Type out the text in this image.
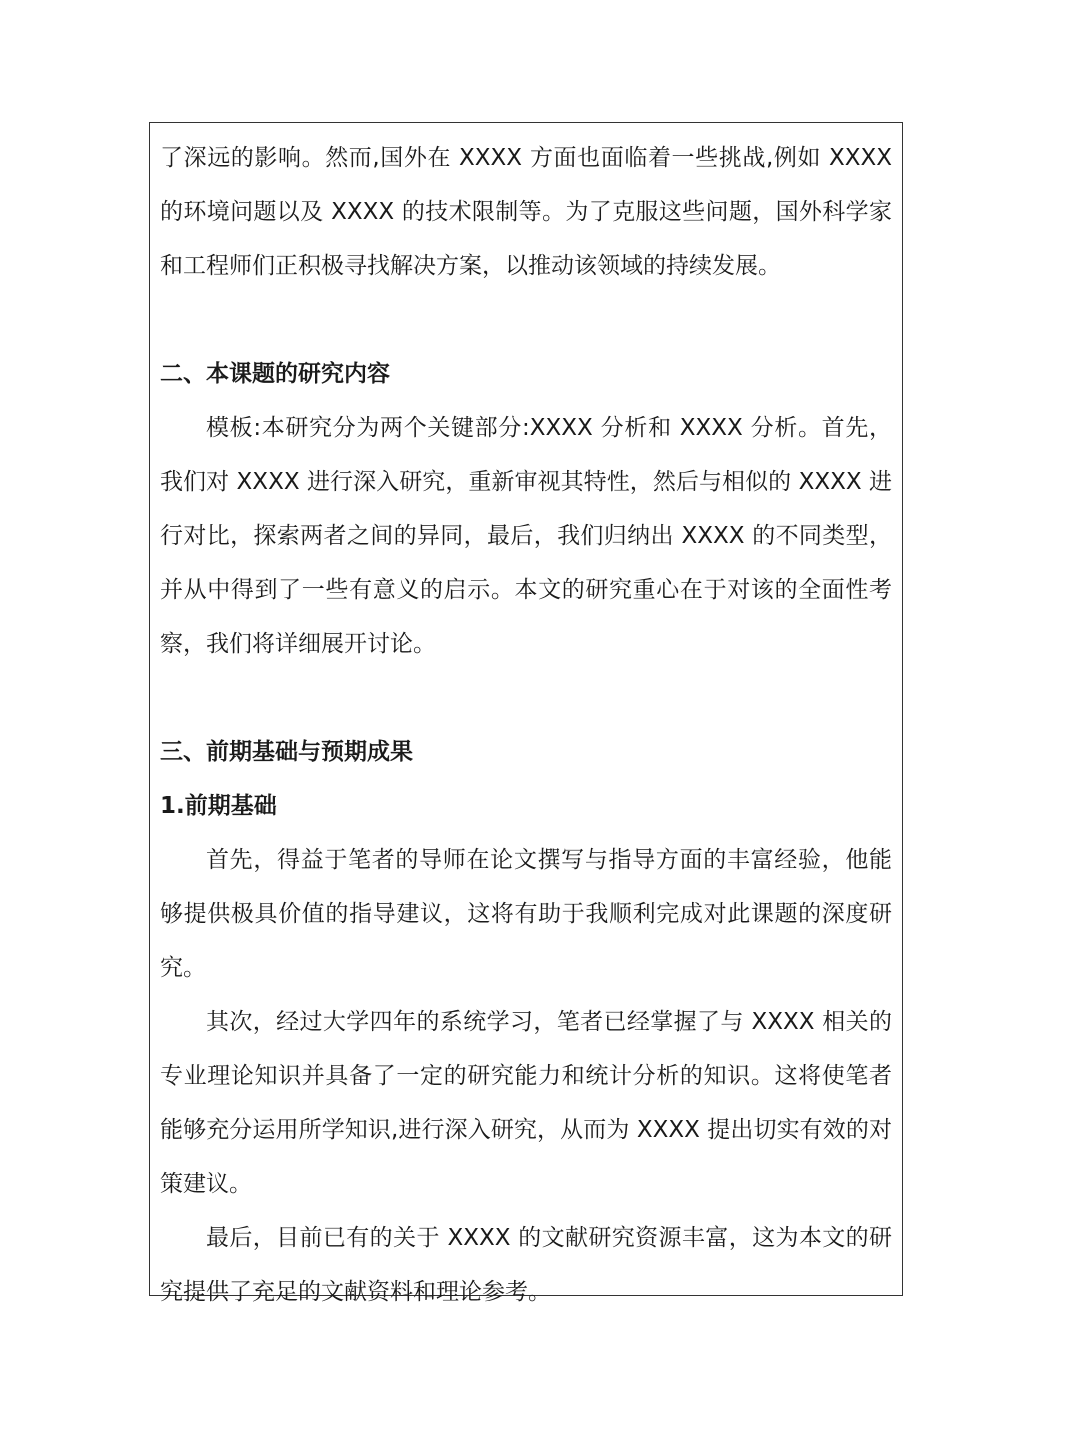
了深远的影响。然而,国外在 XXXX 方面也面临着一些挑战,例如 XXXX 的环境问题以及 XXXX 的技术限制等。为了克服这些问题，国外科学家和工程师们正积极寻找解决方案，以推动该领域的持续发展。

二、本课题的研究内容

模板:本研究分为两个关键部分:XXXX 分析和 XXXX 分析。首先，我们对 XXXX 进行深入研究，重新审视其特性，然后与相似的 XXXX 进行对比，探索两者之间的异同，最后，我们归纳出 XXXX 的不同类型，并从中得到了一些有意义的启示。本文的研究重心在于对该的全面性考察，我们将详细展开讨论。

三、前期基础与预期成果

1.前期基础

首先，得益于笔者的导师在论文撰写与指导方面的丰富经验，他能够提供极具价值的指导建议，这将有助于我顺利完成对此课题的深度研究。

其次，经过大学四年的系统学习，笔者已经掌握了与 XXXX 相关的专业理论知识并具备了一定的研究能力和统计分析的知识。这将使笔者能够充分运用所学知识,进行深入研究，从而为 XXXX 提出切实有效的对策建议。

最后，目前已有的关于 XXXX 的文献研究资源丰富，这为本文的研究提供了充足的文献资料和理论参考。
